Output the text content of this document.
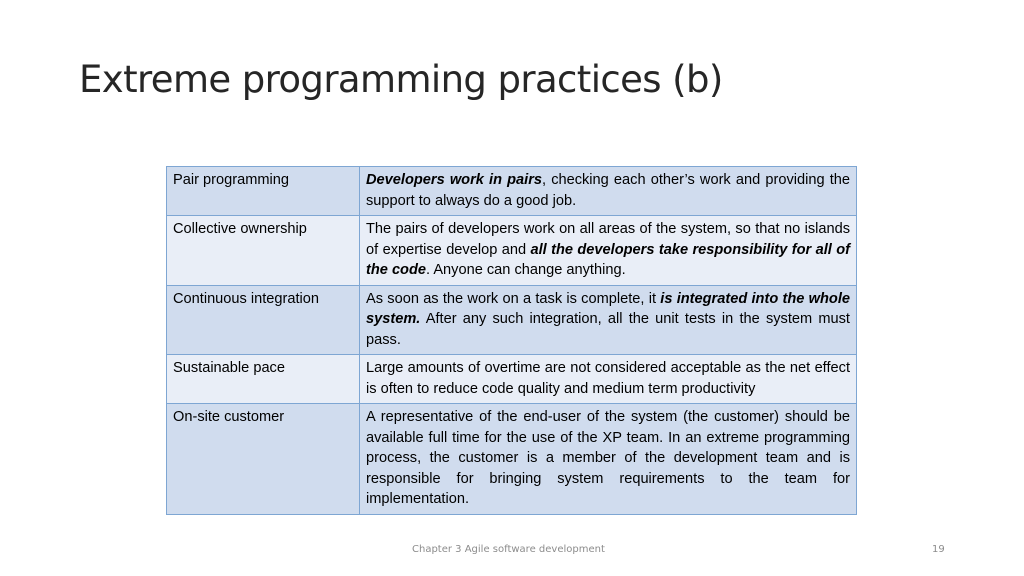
Extreme programming practices (b)
Pair programming	Developers work in pairs, checking each other’s work and providing the support to always do a good job.
Collective ownership	The pairs of developers work on all areas of the system, so that no islands of expertise develop and all the developers take responsibility for all of the code. Anyone can change anything.
Continuous integration	As soon as the work on a task is complete, it is integrated into the whole system. After any such integration, all the unit tests in the system must pass.
Sustainable pace	Large amounts of overtime are not considered acceptable as the net effect is often to reduce code quality and medium term productivity
On-site customer	A representative of the end-user of the system (the customer) should be available full time for the use of the XP team. In an extreme programming process, the customer is a member of the development team and is responsible for bringing system requirements to the team for implementation.
Chapter 3 Agile software development	19
